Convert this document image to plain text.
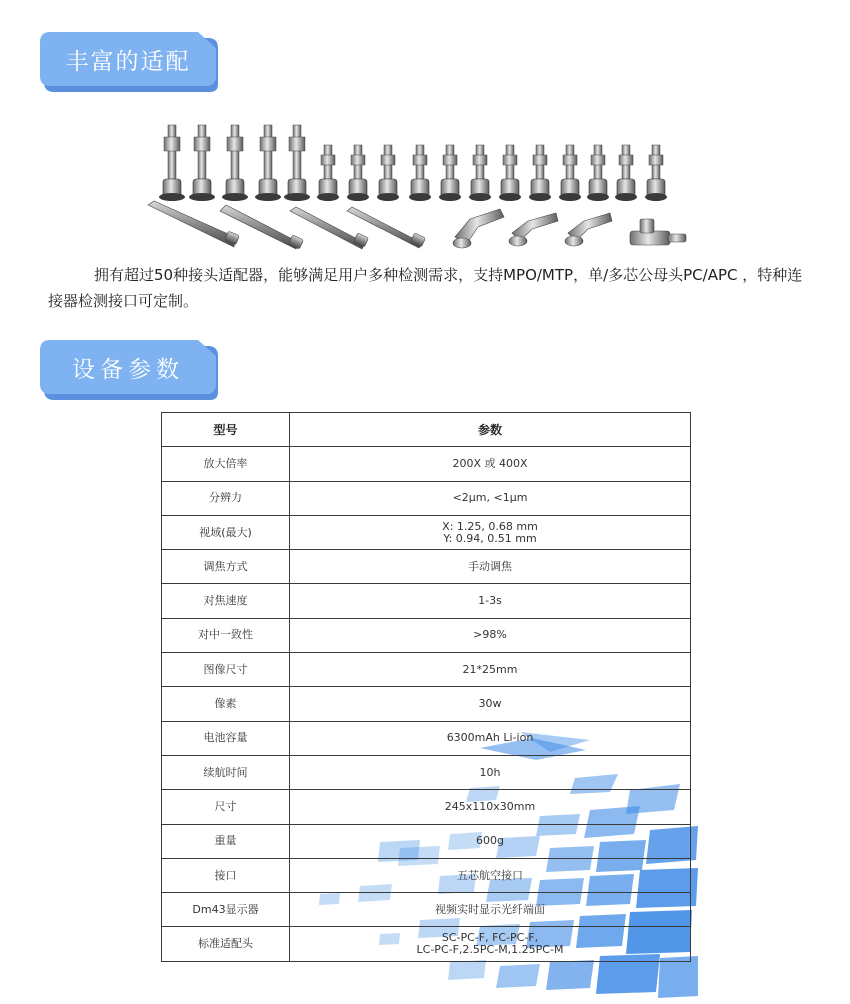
丰富的适配
拥有超过50种接头适配器，能够满足用户多种检测需求，支持MPO/MTP，单/多芯公母头PC/APC ，特种连接器检测接口可定制。
设备参数
型号	参数
放大倍率	200X 或 400X
分辨力	<2μm, <1μm
视域(最大)	X: 1.25, 0.68 mm
Y: 0.94, 0.51 mm
调焦方式	手动调焦
对焦速度	1-3s
对中一致性	>98%
图像尺寸	21*25mm
像素	30w
电池容量	6300mAh Li-ion
续航时间	10h
尺寸	245x110x30mm
重量	600g
接口	五芯航空接口
Dm43显示器	视频实时显示光纤端面
标准适配头	SC-PC-F, FC-PC-F,
LC-PC-F,2.5PC-M,1.25PC-M
